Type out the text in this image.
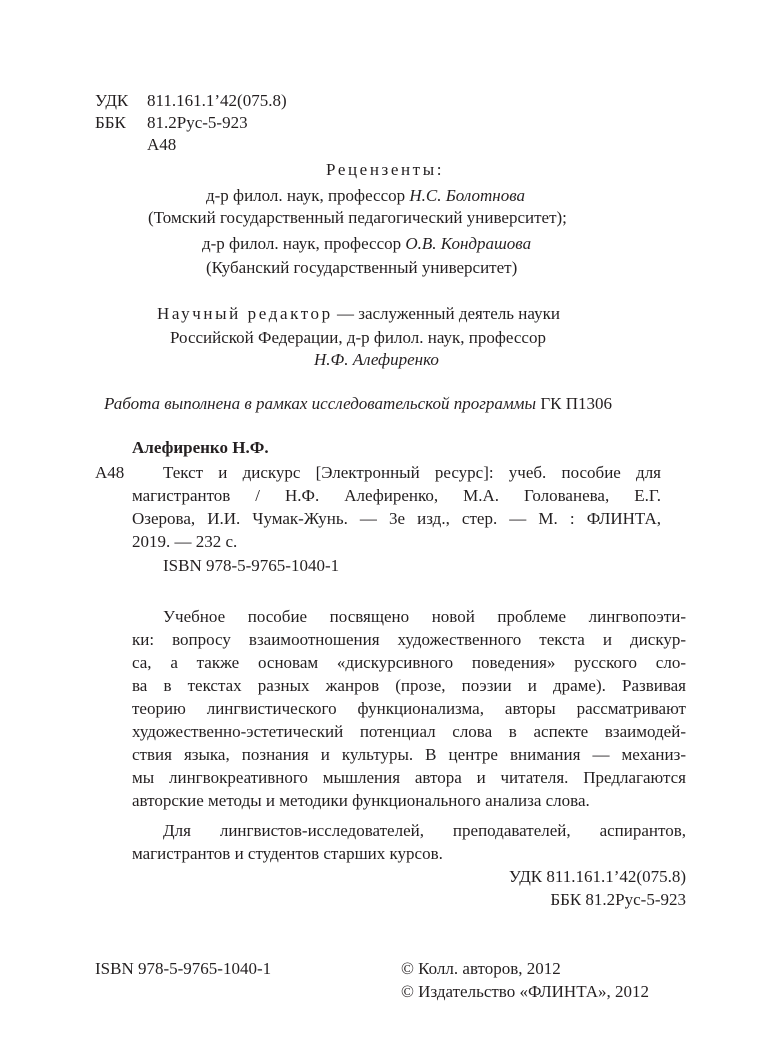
УДК 811.161.1’42(075.8)
ББК 81.2Рус-5-923
А48
Рецензенты:
д-р филол. наук, профессор Н.С. Болотнова
(Томский государственный педагогический университет);
д-р филол. наук, профессор О.В. Кондрашова
(Кубанский государственный университет)
Научный редактор — заслуженный деятель науки
Российской Федерации, д-р филол. наук, профессор
Н.Ф. Алефиренко
Работа выполнена в рамках исследовательской программы ГК П1306
Алефиренко Н.Ф.
А48 Текст и дискурс [Электронный ресурс]: учеб. пособие для
магистрантов / Н.Ф. Алефиренко, М.А. Голованева, Е.Г.
Озерова, И.И. Чумак-Жунь. — 3е изд., стер. — М. : ФЛИНТА,
2019. — 232 с.
ISBN 978-5-9765-1040-1
Учебное пособие посвящено новой проблеме лингвопоэти-
ки: вопросу взаимоотношения художественного текста и дискур-
са, а также основам «дискурсивного поведения» русского сло-
ва в текстах разных жанров (прозе, поэзии и драме). Развивая
теорию лингвистического функционализма, авторы рассматривают
художественно-эстетический потенциал слова в аспекте взаимодей-
ствия языка, познания и культуры. В центре внимания — механиз-
мы лингвокреативного мышления автора и читателя. Предлагаются
авторские методы и методики функционального анализа слова.
Для лингвистов-исследователей, преподавателей, аспирантов,
магистрантов и студентов старших курсов.
УДК 811.161.1’42(075.8)
ББК 81.2Рус-5-923
ISBN 978-5-9765-1040-1	© Колл. авторов, 2012
© Издательство «ФЛИНТА», 2012
